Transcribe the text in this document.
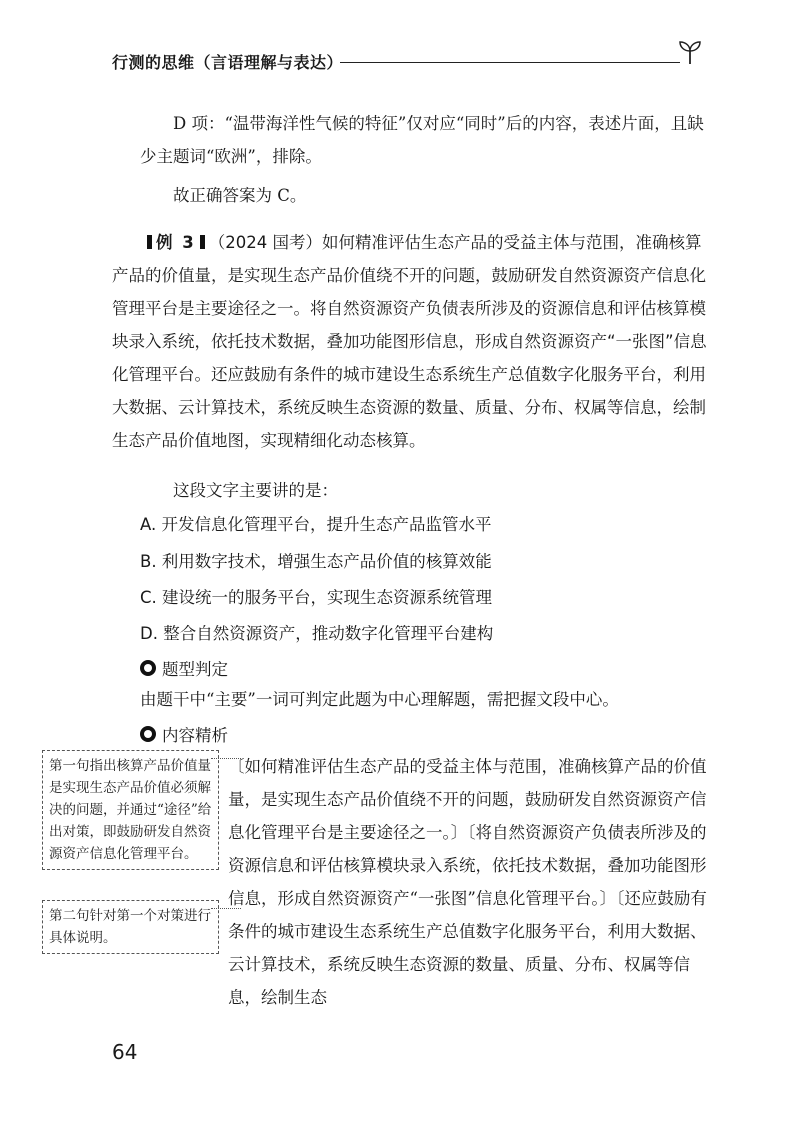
行测的思维（言语理解与表达）
D 项：“温带海洋性气候的特征”仅对应“同时”后的内容，表述片面，且缺少主题词“欧洲”，排除。
故正确答案为 C。
例 3 （2024 国考）如何精准评估生态产品的受益主体与范围，准确核算产品的价值量，是实现生态产品价值绕不开的问题，鼓励研发自然资源资产信息化管理平台是主要途径之一。将自然资源资产负债表所涉及的资源信息和评估核算模块录入系统，依托技术数据，叠加功能图形信息，形成自然资源资产“一张图”信息化管理平台。还应鼓励有条件的城市建设生态系统生产总值数字化服务平台，利用大数据、云计算技术，系统反映生态资源的数量、质量、分布、权属等信息，绘制生态产品价值地图，实现精细化动态核算。
这段文字主要讲的是：
A. 开发信息化管理平台，提升生态产品监管水平
B. 利用数字技术，增强生态产品价值的核算效能
C. 建设统一的服务平台，实现生态资源系统管理
D. 整合自然资源资产，推动数字化管理平台建构
题型判定
由题干中“主要”一词可判定此题为中心理解题，需把握文段中心。
内容精析
第一句指出核算产品价值量是实现生态产品价值必须解决的问题，并通过“途径”给出对策，即鼓励研发自然资源资产信息化管理平台。
第二句针对第一个对策进行具体说明。
〔如何精准评估生态产品的受益主体与范围，准确核算产品的价值量，是实现生态产品价值绕不开的问题，鼓励研发自然资源资产信息化管理平台是主要途径之一。〕〔将自然资源资产负债表所涉及的资源信息和评估核算模块录入系统，依托技术数据，叠加功能图形信息，形成自然资源资产“一张图”信息化管理平台。〕〔还应鼓励有条件的城市建设生态系统生产总值数字化服务平台，利用大数据、云计算技术，系统反映生态资源的数量、质量、分布、权属等信息，绘制生态
64
